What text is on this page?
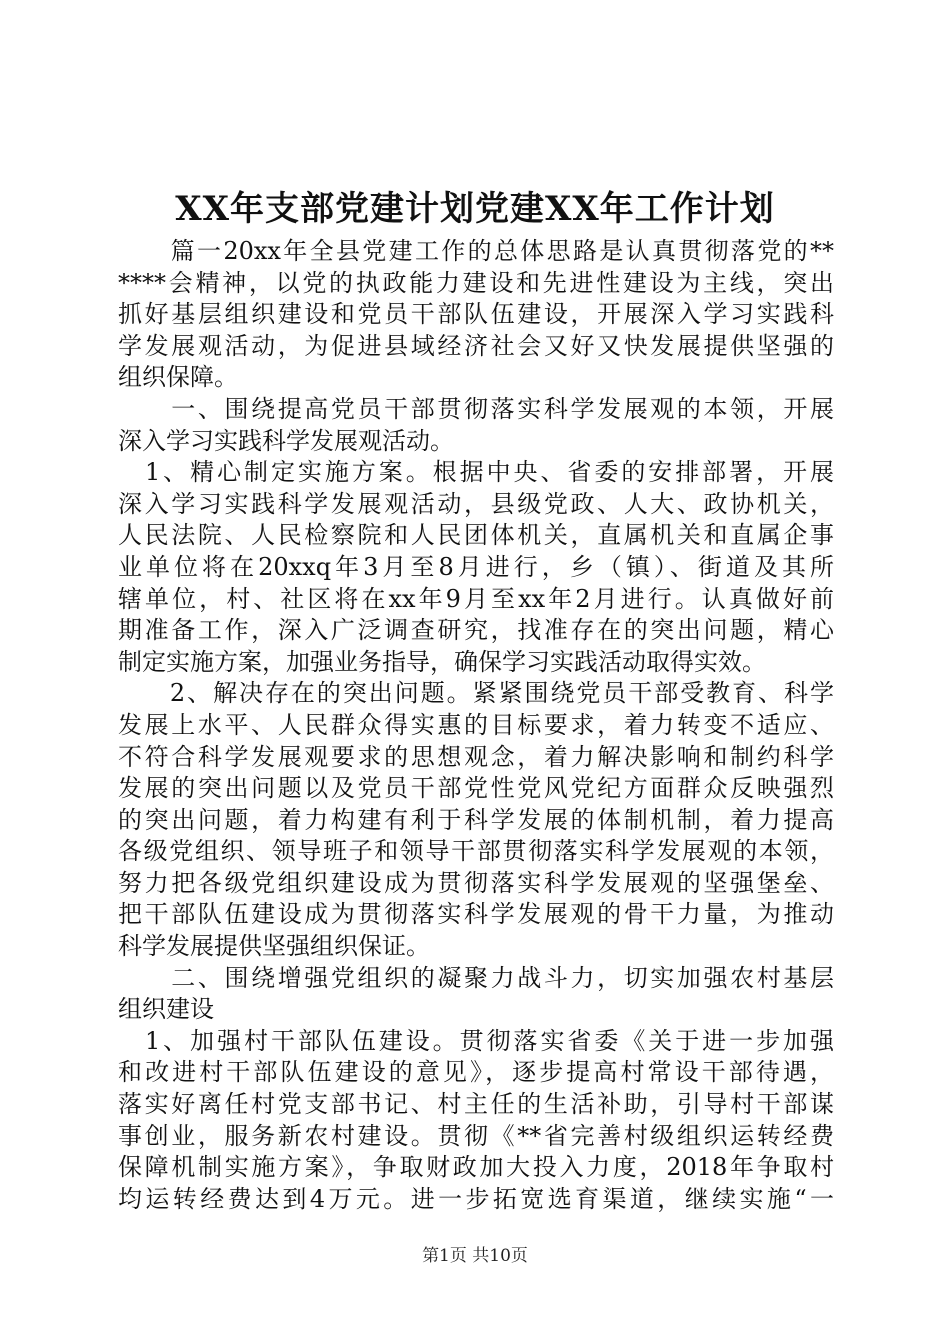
XX年支部党建计划党建XX年工作计划
　　篇一20xx年全县党建工作的总体思路是认真贯彻落党的**
****会精神，以党的执政能力建设和先进性建设为主线，突出
抓好基层组织建设和党员干部队伍建设，开展深入学习实践科
学发展观活动，为促进县域经济社会又好又快发展提供坚强的
组织保障。
　　一、围绕提高党员干部贯彻落实科学发展观的本领，开展
深入学习实践科学发展观活动。
　1、精心制定实施方案。根据中央、省委的安排部署，开展
深入学习实践科学发展观活动，县级党政、人大、政协机关，
人民法院、人民检察院和人民团体机关，直属机关和直属企事
业单位将在20xxq年3月至8月进行，乡（镇）、街道及其所
辖单位，村、社区将在xx年9月至xx年2月进行。认真做好前
期准备工作，深入广泛调查研究，找准存在的突出问题，精心
制定实施方案，加强业务指导，确保学习实践活动取得实效。
　　2、解决存在的突出问题。紧紧围绕党员干部受教育、科学
发展上水平、人民群众得实惠的目标要求，着力转变不适应、
不符合科学发展观要求的思想观念，着力解决影响和制约科学
发展的突出问题以及党员干部党性党风党纪方面群众反映强烈
的突出问题，着力构建有利于科学发展的体制机制，着力提高
各级党组织、领导班子和领导干部贯彻落实科学发展观的本领，
努力把各级党组织建设成为贯彻落实科学发展观的坚强堡垒、
把干部队伍建设成为贯彻落实科学发展观的骨干力量，为推动
科学发展提供坚强组织保证。
　　二、围绕增强党组织的凝聚力战斗力，切实加强农村基层
组织建设
　1、加强村干部队伍建设。贯彻落实省委《关于进一步加强
和改进村干部队伍建设的意见》，逐步提高村常设干部待遇，
落实好离任村党支部书记、村主任的生活补助，引导村干部谋
事创业，服务新农村建设。贯彻《**省完善村级组织运转经费
保障机制实施方案》，争取财政加大投入力度，2018年争取村
均运转经费达到4万元。进一步拓宽选育渠道，继续实施“一
第1页 共10页
